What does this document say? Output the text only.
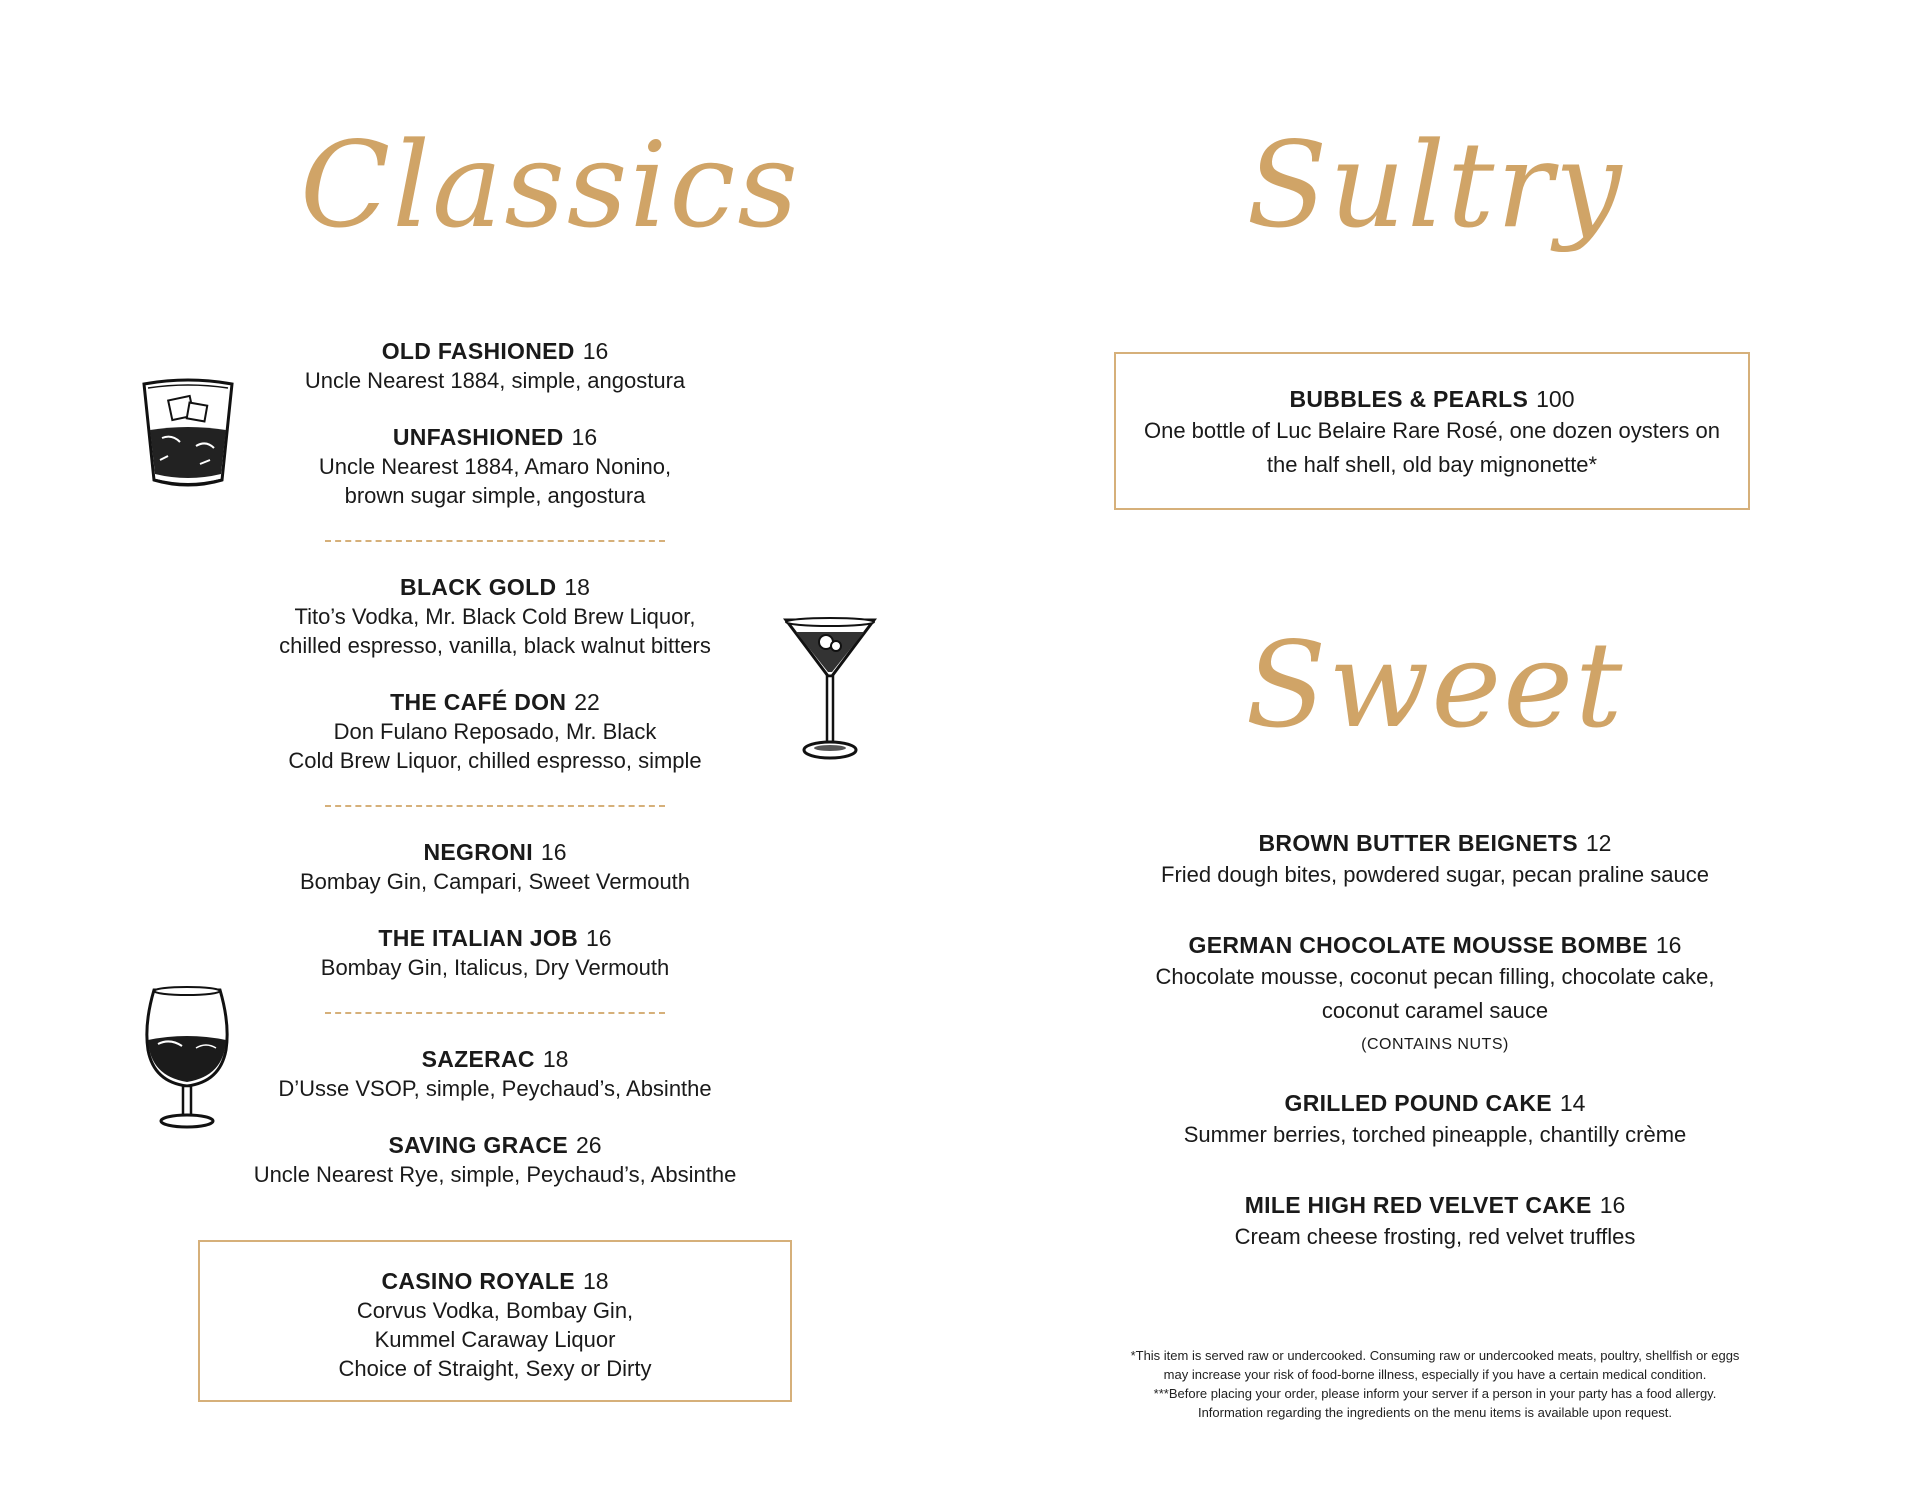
Classics
OLD FASHIONED 16
Uncle Nearest 1884, simple, angostura
UNFASHIONED 16
Uncle Nearest 1884, Amaro Nonino,
brown sugar simple, angostura
BLACK GOLD 18
Tito’s Vodka, Mr. Black Cold Brew Liquor,
chilled espresso, vanilla, black walnut bitters
THE CAFÉ DON 22
Don Fulano Reposado, Mr. Black
Cold Brew Liquor, chilled espresso, simple
NEGRONI 16
Bombay Gin, Campari, Sweet Vermouth
THE ITALIAN JOB 16
Bombay Gin, Italicus, Dry Vermouth
SAZERAC 18
D’Usse VSOP, simple, Peychaud’s, Absinthe
SAVING GRACE 26
Uncle Nearest Rye, simple, Peychaud’s, Absinthe
CASINO ROYALE 18
Corvus Vodka, Bombay Gin,
Kummel Caraway Liquor
Choice of Straight, Sexy or Dirty
Sultry
BUBBLES & PEARLS 100
One bottle of Luc Belaire Rare Rosé, one dozen oysters on
the half shell, old bay mignonette*
Sweet
BROWN BUTTER BEIGNETS 12
Fried dough bites, powdered sugar, pecan praline sauce
GERMAN CHOCOLATE MOUSSE BOMBE 16
Chocolate mousse, coconut pecan filling, chocolate cake,
coconut caramel sauce
(CONTAINS NUTS)
GRILLED POUND CAKE 14
Summer berries, torched pineapple, chantilly crème
MILE HIGH RED VELVET CAKE 16
Cream cheese frosting, red velvet truffles
*This item is served raw or undercooked. Consuming raw or undercooked meats, poultry, shellfish or eggs
may increase your risk of food-borne illness, especially if you have a certain medical condition.
***Before placing your order, please inform your server if a person in your party has a food allergy.
Information regarding the ingredients on the menu items is available upon request.
